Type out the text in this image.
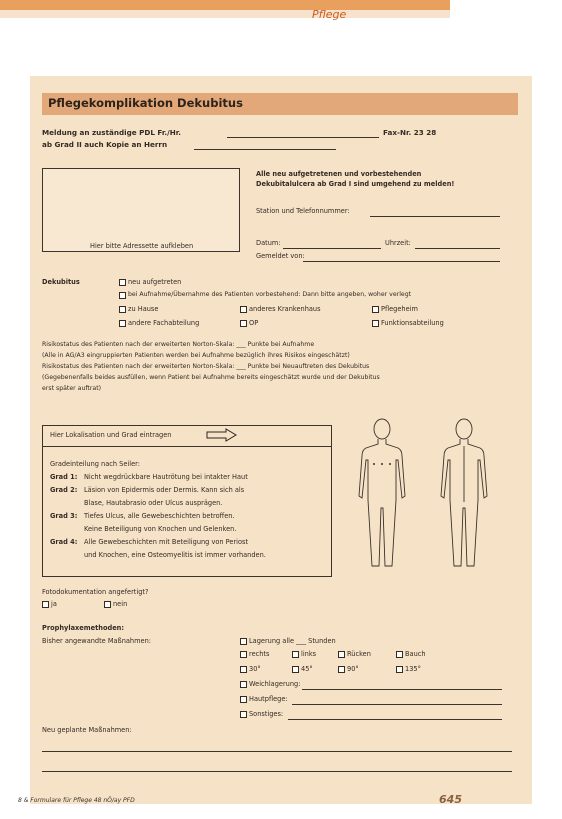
Pflege
Pflegekomplikation Dekubitus
Meldung an zuständige PDL Fr./Hr.	Fax-Nr. 23 28
ab Grad II auch Kopie an Herrn
Hier bitte Adressette aufkleben
Alle neu aufgetretenen und vorbestehenden
Dekubitalulcera ab Grad I sind umgehend zu melden!
Station und Telefonnummer:
Datum:	Uhrzeit:
Gemeldet von:
Dekubitus	neu aufgetreten
bei Aufnahme/Übernahme des Patienten vorbestehend: Dann bitte angeben, woher verlegt
zu Hause	anderes Krankenhaus	Pflegeheim
andere Fachabteilung	OP	Funktionsabteilung
Risikostatus des Patienten nach der erweiterten Norton-Skala: ___ Punkte bei Aufnahme
(Alle in AG/A3 eingruppierten Patienten werden bei Aufnahme bezüglich ihres Risikos eingeschätzt)
Risikostatus des Patienten nach der erweiterten Norton-Skala: ___ Punkte bei Neuauftreten des Dekubitus
(Gegebenenfalls beides ausfüllen, wenn Patient bei Aufnahme bereits eingeschätzt wurde und der Dekubitus
erst später auftrat)
Hier Lokalisation und Grad eintragen
Gradeinteilung nach Seiler:
Grad 1: Nicht wegdrückbare Hautrötung bei intakter Haut
Grad 2: Läsion von Epidermis oder Dermis. Kann sich als
Blase, Hautabrasio oder Ulcus ausprägen.
Grad 3: Tiefes Ulcus, alle Gewebeschichten betroffen.
Keine Beteiligung von Knochen und Gelenken.
Grad 4: Alle Gewebeschichten mit Beteiligung von Periost
und Knochen, eine Osteomyelitis ist immer vorhanden.
Fotodokumentation angefertigt?
ja	nein
Prophylaxemethoden:
Bisher angewandte Maßnahmen:	Lagerung alle ___ Stunden
rechts	links	Rücken	Bauch
30°	45°	90°	135°
Weichlagerung:
Hautpflege:
Sonstiges:
Neu geplante Maßnahmen:
8 & Formulare für Pflege 48 nÖ/ay PFD	645
